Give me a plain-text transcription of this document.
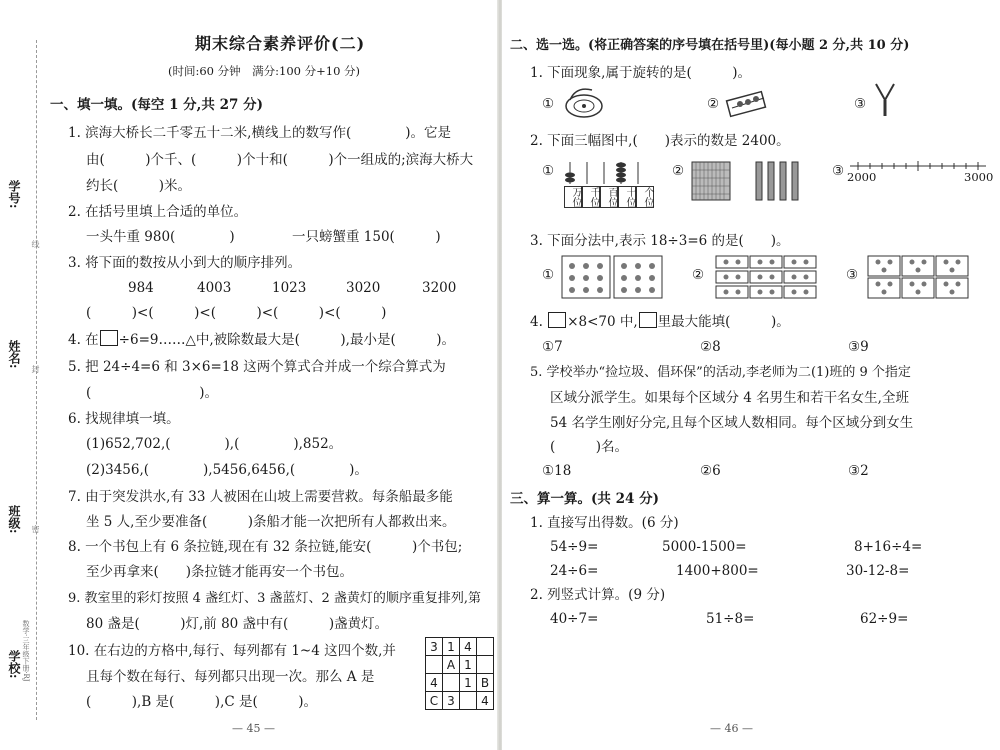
学校:
班级:
姓名:
学号:
线
封
密
数学·三年级下册·RJ
期末综合素养评价(二)
(时间:60 分钟　满分:100 分+10 分)
一、填一填。(每空 1 分,共 27 分)
1. 滨海大桥长二千零五十二米,横线上的数写作(　　　　)。它是
由(　　　)个千、(　　　)个十和(　　　)个一组成的;滨海大桥大
约长(　　　)米。
2. 在括号里填上合适的单位。
一头牛重 980(　　　　)	一只螃蟹重 150(　　　)
3. 将下面的数按从小到大的顺序排列。
984	4003	1023	3020	3200
(　　　)<(　　　)<(　　　)<(　　　)<(　　　)
4. 在 ÷6=9……△中,被除数最大是(　　　),最小是(　　　)。
5. 把 24÷4=6 和 3×6=18 这两个算式合并成一个综合算式为
(　　　　　　　　)。
6. 找规律填一填。
(1)652,702,(　　　　),(　　　　),852。
(2)3456,(　　　　),5456,6456,(　　　　)。
7. 由于突发洪水,有 33 人被困在山坡上需要营救。每条船最多能
坐 5 人,至少要准备(　　　)条船才能一次把所有人都救出来。
8. 一个书包上有 6 条拉链,现在有 32 条拉链,能安(　　　)个书包;
至少再拿来(　　)条拉链才能再安一个书包。
9. 教室里的彩灯按照 4 盏红灯、3 盏蓝灯、2 盏黄灯的顺序重复排列,第
80 盏是(　　　)灯,前 80 盏中有(　　　)盏黄灯。
10. 在右边的方格中,每行、每列都有 1~4 这四个数,并
且每个数在每行、每列都只出现一次。那么 A 是
(　　　),B 是(　　　),C 是(　　　)。
3	1	4	
	A	1	
4		1	B
C	3		4
— 45 —
二、选一选。(将正确答案的序号填在括号里)(每小题 2 分,共 10 分)
1. 下面现象,属于旋转的是(　　　)。
①	②	③
2. 下面三幅图中,(　　)表示的数是 2400。
①
万位 千位 百位 十位 个位
②	③ 2000	3000
3. 下面分法中,表示 18÷3=6 的是(　　)。
①	②	③
4. ×8<70 中, 里最大能填(　　　)。
①7	②8	③9
5. 学校举办“捡垃圾、倡环保”的活动,李老师为二(1)班的 9 个指定
区域分派学生。如果每个区域分 4 名男生和若干名女生,全班
54 名学生刚好分完,且每个区域人数相同。每个区域分到女生
(　　　)名。
①18	②6	③2
三、算一算。(共 24 分)
1. 直接写出得数。(6 分)
54÷9=	5000-1500=	8+16÷4=
24÷6=	1400+800=	30-12-8=
2. 列竖式计算。(9 分)
40÷7=	51÷8=	62÷9=
— 46 —
